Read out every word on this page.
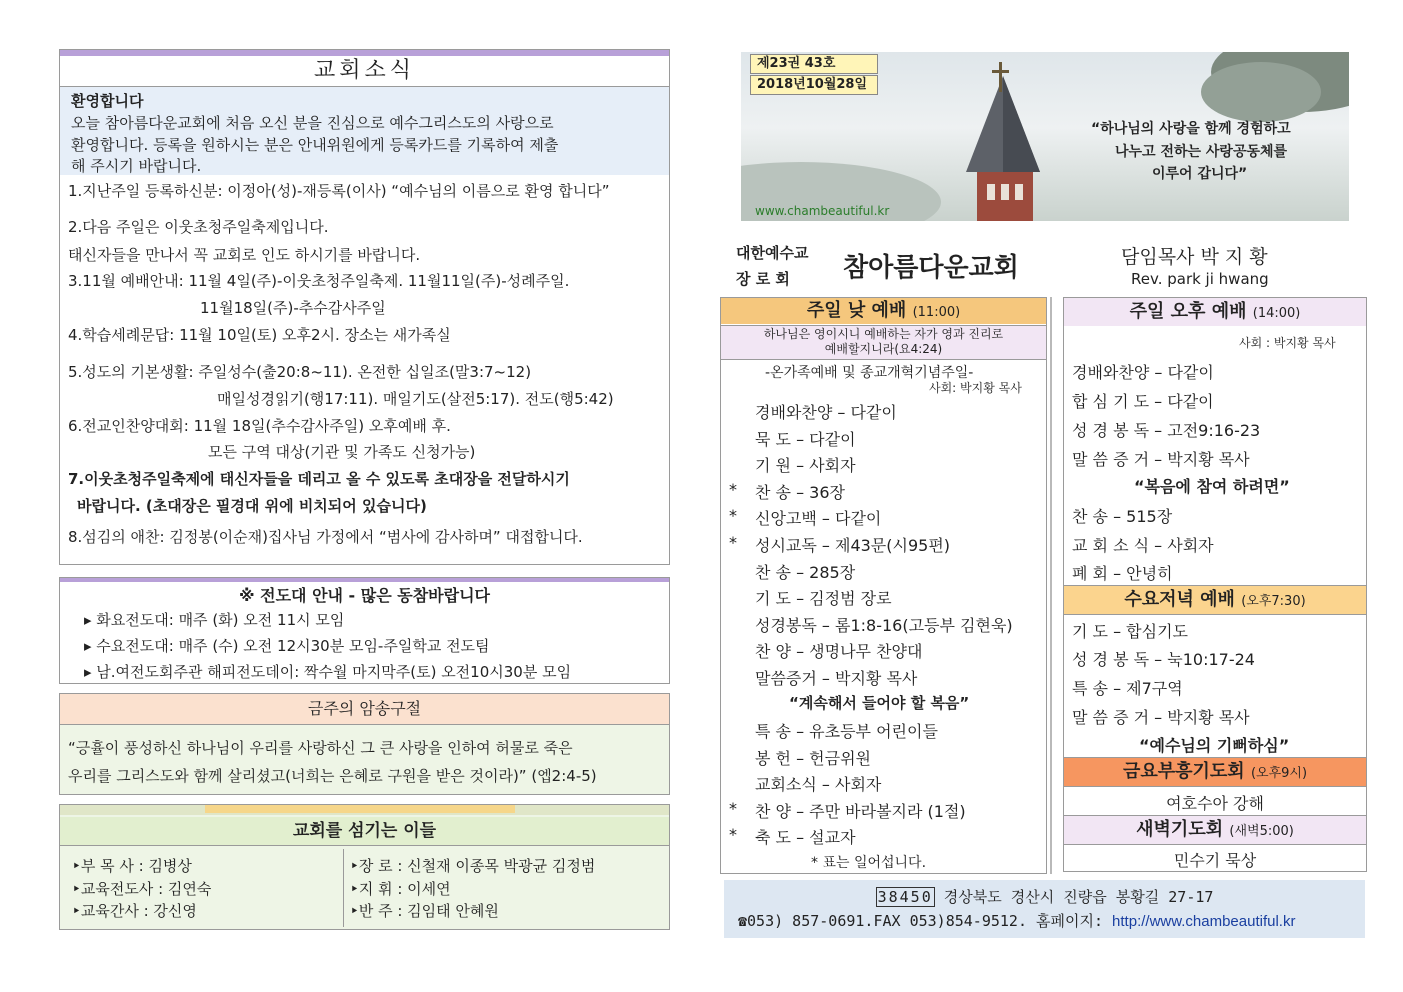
교회소식
환영합니다
오늘 참아름다운교회에 처음 오신 분을 진심으로 예수그리스도의 사랑으로
환영합니다. 등록을 원하시는 분은 안내위원에게 등록카드를 기록하여 제출
해 주시기 바랍니다.
1.지난주일 등록하신분: 이정아(성)-재등록(이사) “예수님의 이름으로 환영 합니다”
2.다음 주일은 이웃초청주일축제입니다.
태신자들을 만나서 꼭 교회로 인도 하시기를 바랍니다.
3.11월 예배안내: 11월 4일(주)-이웃초청주일축제. 11월11일(주)-성례주일.
11월18일(주)-추수감사주일
4.학습세례문답: 11월 10일(토) 오후2시. 장소는 새가족실
5.성도의 기본생활: 주일성수(출20:8~11). 온전한 십일조(말3:7~12)
매일성경읽기(행17:11). 매일기도(살전5:17). 전도(행5:42)
6.전교인찬양대회: 11월 18일(추수감사주일) 오후예배 후.
모든 구역 대상(기관 및 가족도 신청가능)
7.이웃초청주일축제에 태신자들을 데리고 올 수 있도록 초대장을 전달하시기
바랍니다. (초대장은 필경대 위에 비치되어 있습니다)
8.섬김의 애찬: 김정봉(이순재)집사님 가정에서 “범사에 감사하며” 대접합니다.
※ 전도대 안내 - 많은 동참바랍니다
▸ 화요전도대: 매주 (화) 오전 11시 모임
▸ 수요전도대: 매주 (수) 오전 12시30분 모임-주일학교 전도팀
▸ 남.여전도회주관 해피전도데이: 짝수월 마지막주(토) 오전10시30분 모임
금주의 암송구절
“긍휼이 풍성하신 하나님이 우리를 사랑하신 그 큰 사랑을 인하여 허물로 죽은
우리를 그리스도와 함께 살리셨고(너희는 은혜로 구원을 받은 것이라)” (엡2:4-5)
교회를 섬기는 이들
‣부 목 사 : 김병상
‣교육전도사 : 김연숙
‣교육간사 : 강신영
‣장 로 : 신철재 이종목 박광균 김정범
‣지 휘 : 이세연
‣반 주 : 김임태 안혜원
제23권 43호
2018년10월28일
“하나님의 사랑을 함께 경험하고
나누고 전하는 사랑공동체를
이루어 갑니다”
www.chambeautiful.kr
대한예수교
장 로 회 참아름다운교회	담임목사 박 지 황
Rev. park ji hwang
주일 낮 예배 (11:00)
하나님은 영이시니 예배하는 자가 영과 진리로
예배할지니라(요4:24)
-온가족예배 및 종교개혁기념주일-
사회: 박지황 목사
경배와찬양 – 다같이
묵 도 – 다같이
기 원 – 사회자
* 찬 송 – 36장
* 신앙고백 – 다같이
* 성시교독 – 제43문(시95편)
찬 송 – 285장
기 도 – 김정범 장로
성경봉독 – 롬1:8-16(고등부 김현욱)
찬 양 – 생명나무 찬양대
말씀증거 – 박지황 목사
“계속해서 들어야 할 복음”
특 송 – 유초등부 어린이들
봉 헌 – 헌금위원
교회소식 – 사회자
* 찬 양 – 주만 바라볼지라 (1절)
* 축 도 – 설교자
* 표는 일어섭니다.
주일 오후 예배 (14:00)
사회 : 박지황 목사
경배와찬양 – 다같이
합 심 기 도 – 다같이
성 경 봉 독 – 고전9:16-23
말 씀 증 거 – 박지황 목사
“복음에 참여 하려면”
찬 송 – 515장
교 회 소 식 – 사회자
폐 회 – 안녕히
수요저녁 예배 (오후7:30)
기 도 – 합심기도
성 경 봉 독 – 눅10:17-24
특 송 – 제7구역
말 씀 증 거 – 박지황 목사
“예수님의 기뻐하심”
금요부흥기도회 (오후9시)
여호수아 강해
새벽기도회 (새벽5:00)
민수기 묵상
38450 경상북도 경산시 진량읍 봉황길 27-17
☎053) 857-0691.FAX 053)854-9512. 홈페이지: http://www.chambeautiful.kr
